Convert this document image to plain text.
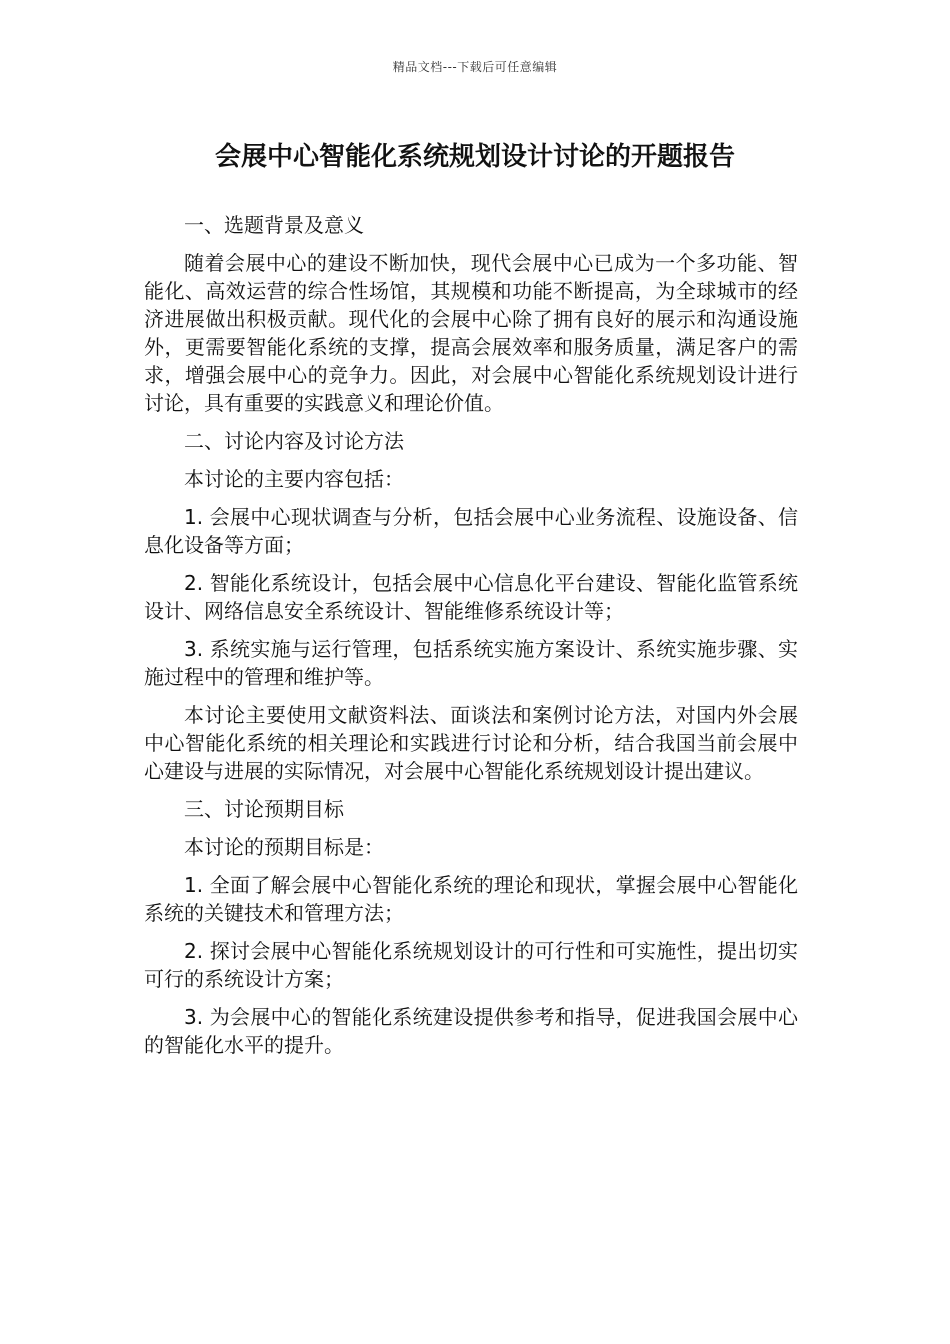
精品文档---下载后可任意编辑
会展中心智能化系统规划设计讨论的开题报告

一、选题背景及意义

随着会展中心的建设不断加快，现代会展中心已成为一个多功能、智能化、高效运营的综合性场馆，其规模和功能不断提高，为全球城市的经济进展做出积极贡献。现代化的会展中心除了拥有良好的展示和沟通设施外，更需要智能化系统的支撑，提高会展效率和服务质量，满足客户的需求，增强会展中心的竞争力。因此，对会展中心智能化系统规划设计进行讨论，具有重要的实践意义和理论价值。

二、讨论内容及讨论方法

本讨论的主要内容包括：

1. 会展中心现状调查与分析，包括会展中心业务流程、设施设备、信息化设备等方面；

2. 智能化系统设计，包括会展中心信息化平台建设、智能化监管系统设计、网络信息安全系统设计、智能维修系统设计等；

3. 系统实施与运行管理，包括系统实施方案设计、系统实施步骤、实施过程中的管理和维护等。

本讨论主要使用文献资料法、面谈法和案例讨论方法，对国内外会展中心智能化系统的相关理论和实践进行讨论和分析，结合我国当前会展中心建设与进展的实际情况，对会展中心智能化系统规划设计提出建议。

三、讨论预期目标

本讨论的预期目标是：

1. 全面了解会展中心智能化系统的理论和现状，掌握会展中心智能化系统的关键技术和管理方法；

2. 探讨会展中心智能化系统规划设计的可行性和可实施性，提出切实可行的系统设计方案；

3. 为会展中心的智能化系统建设提供参考和指导，促进我国会展中心的智能化水平的提升。
